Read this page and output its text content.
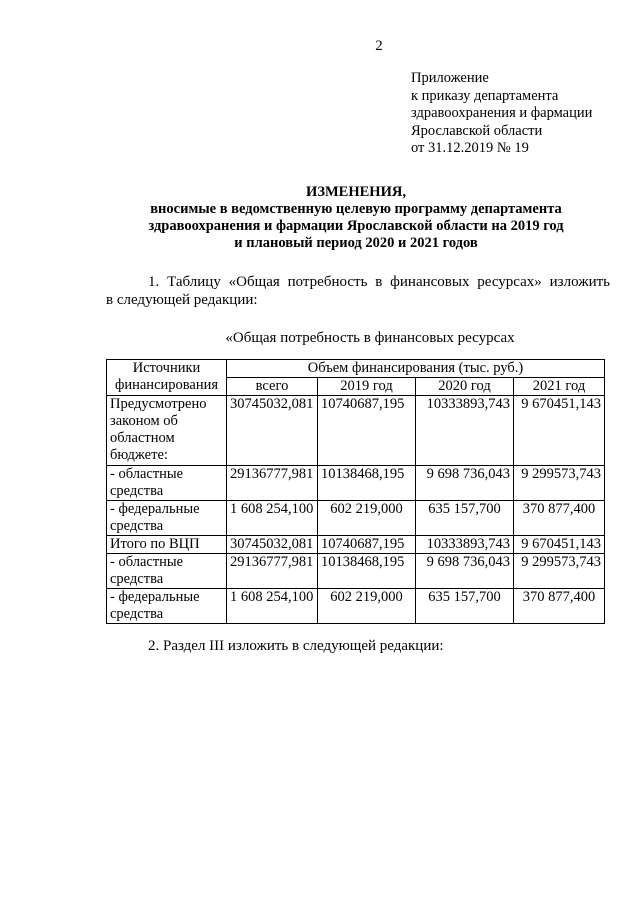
2
Приложение
к приказу департамента
здравоохранения и фармации
Ярославской области
от 31.12.2019 № 19
ИЗМЕНЕНИЯ,
вносимые в ведомственную целевую программу департамента
здравоохранения и фармации Ярославской области на 2019 год
и плановый период 2020 и 2021 годов
1. Таблицу «Общая потребность в финансовых ресурсах» изложить
в следующей редакции:
«Общая потребность в финансовых ресурсах
Источники финансирования	Объем финансирования (тыс. руб.)			
	всего	2019 год	2020 год	2021 год
Предусмотрено законом об областном бюджете:	30745032,081	10740687,195	10333893,743	9 670451,143
- областные средства	29136777,981	10138468,195	9 698 736,043	9 299573,743
- федеральные средства	1 608 254,100	602 219,000	635 157,700	370 877,400
Итого по ВЦП	30745032,081	10740687,195	10333893,743	9 670451,143
- областные средства	29136777,981	10138468,195	9 698 736,043	9 299573,743
- федеральные средства	1 608 254,100	602 219,000	635 157,700	370 877,400
2. Раздел III изложить в следующей редакции:
